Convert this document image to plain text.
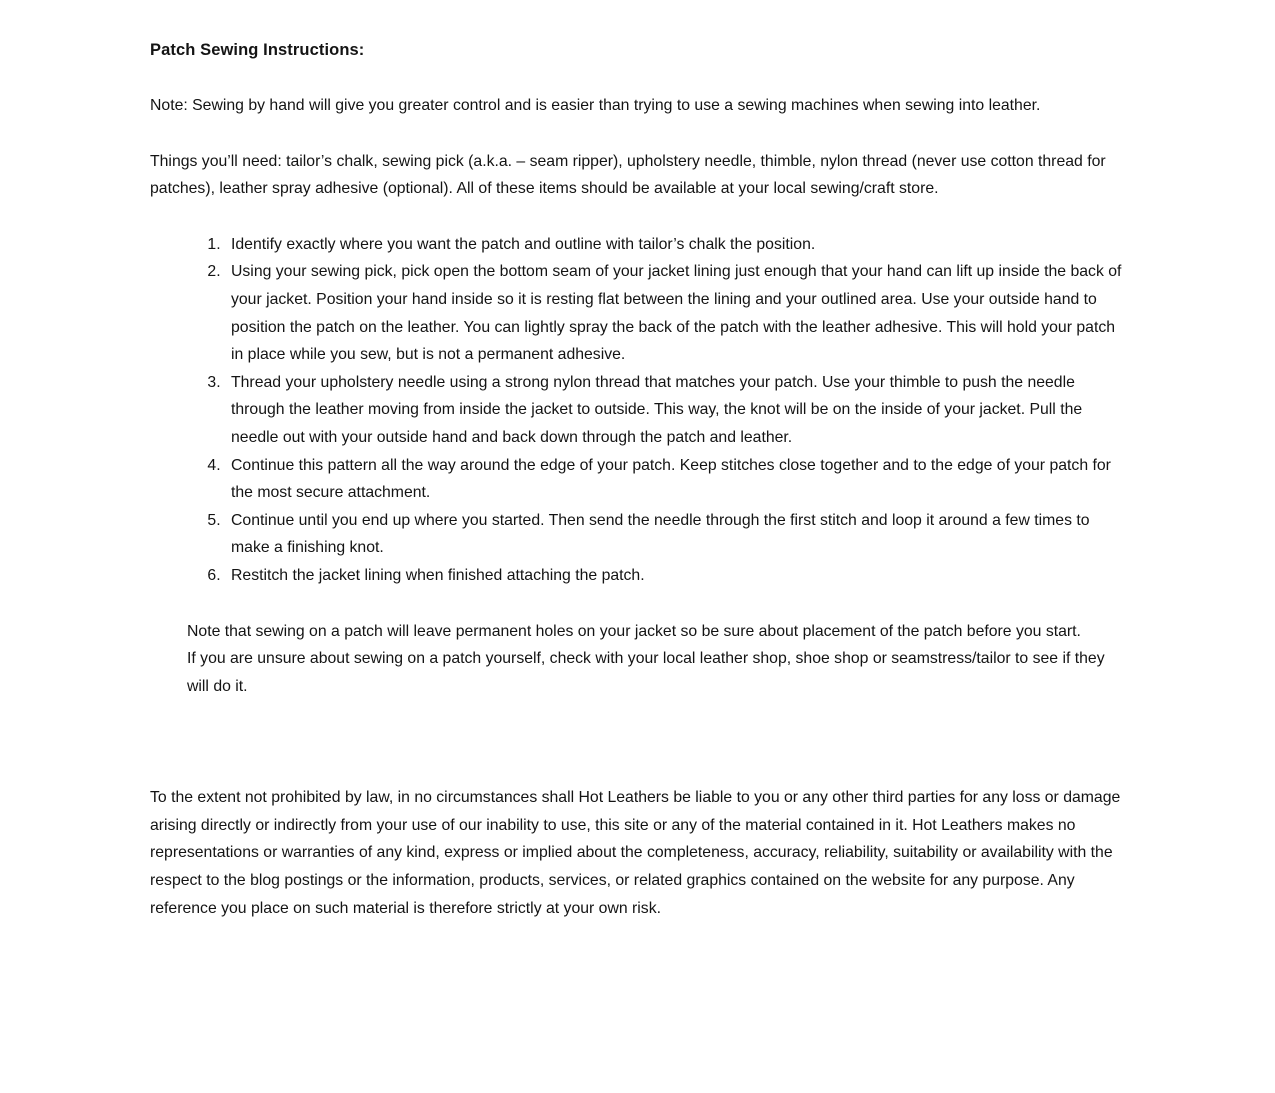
Patch Sewing Instructions:

Note: Sewing by hand will give you greater control and is easier than trying to use a sewing machines when sewing into leather.

Things you’ll need: tailor’s chalk, sewing pick (a.k.a. – seam ripper), upholstery needle, thimble, nylon thread (never use cotton thread for patches), leather spray adhesive (optional). All of these items should be available at your local sewing/craft store.

1. Identify exactly where you want the patch and outline with tailor’s chalk the position.
2. Using your sewing pick, pick open the bottom seam of your jacket lining just enough that your hand can lift up inside the back of your jacket. Position your hand inside so it is resting flat between the lining and your outlined area. Use your outside hand to position the patch on the leather. You can lightly spray the back of the patch with the leather adhesive. This will hold your patch in place while you sew, but is not a permanent adhesive.
3. Thread your upholstery needle using a strong nylon thread that matches your patch. Use your thimble to push the needle through the leather moving from inside the jacket to outside. This way, the knot will be on the inside of your jacket. Pull the needle out with your outside hand and back down through the patch and leather.
4. Continue this pattern all the way around the edge of your patch. Keep stitches close together and to the edge of your patch for the most secure attachment.
5. Continue until you end up where you started. Then send the needle through the first stitch and loop it around a few times to make a finishing knot.
6. Restitch the jacket lining when finished attaching the patch.

Note that sewing on a patch will leave permanent holes on your jacket so be sure about placement of the patch before you start.

If you are unsure about sewing on a patch yourself, check with your local leather shop, shoe shop or seamstress/tailor to see if they will do it.

To the extent not prohibited by law, in no circumstances shall Hot Leathers be liable to you or any other third parties for any loss or damage arising directly or indirectly from your use of our inability to use, this site or any of the material contained in it. Hot Leathers makes no representations or warranties of any kind, express or implied about the completeness, accuracy, reliability, suitability or availability with the respect to the blog postings or the information, products, services, or related graphics contained on the website for any purpose. Any reference you place on such material is therefore strictly at your own risk.
